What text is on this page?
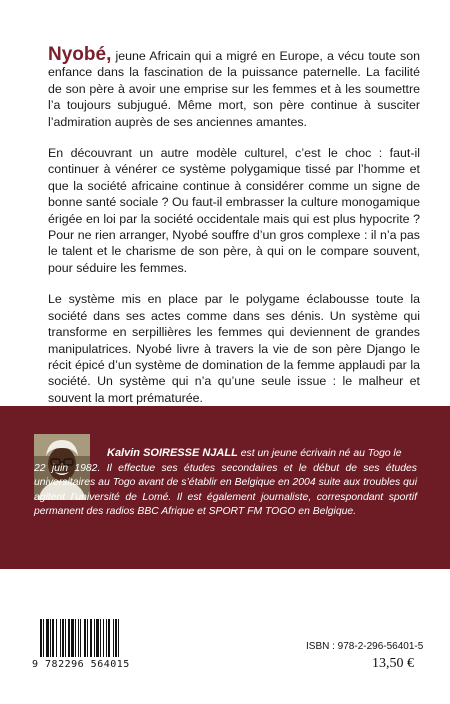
Nyobé, jeune Africain qui a migré en Europe, a vécu toute son enfance dans la fascination de la puissance paternelle. La facilité de son père à avoir une emprise sur les femmes et à les soumettre l’a toujours subjugué. Même mort, son père continue à susciter l’admiration auprès de ses anciennes amantes.

En découvrant un autre modèle culturel, c’est le choc : faut-il continuer à vénérer ce système polygamique tissé par l’homme et que la société africaine continue à considérer comme un signe de bonne santé sociale ? Ou faut-il embrasser la culture monogamique érigée en loi par la société occidentale mais qui est plus hypocrite ? Pour ne rien arranger, Nyobé souffre d’un gros complexe : il n’a pas le talent et le charisme de son père, à qui on le compare souvent, pour séduire les femmes.

Le système mis en place par le polygame éclabousse toute la société dans ses actes comme dans ses dénis. Un système qui transforme en serpillières les femmes qui deviennent de grandes manipulatrices. Nyobé livre à travers la vie de son père Django le récit épicé d’un système de domination de la femme applaudi par la société. Un système qui n’a qu’une seule issue : le malheur et souvent la mort prématurée.

Kalvin SOIRESSE NJALL est un jeune écrivain né au Togo le
22 juin 1982. Il effectue ses études secondaires et le début de ses études universitaires au Togo avant de s’établir en Belgique en 2004 suite aux troubles qui agitent l’université de Lomé. Il est également journaliste, correspondant sportif permanent des radios BBC Afrique et SPORT FM TOGO en Belgique.
9 782296 564015
ISBN : 978-2-296-56401-5
13,50 €
